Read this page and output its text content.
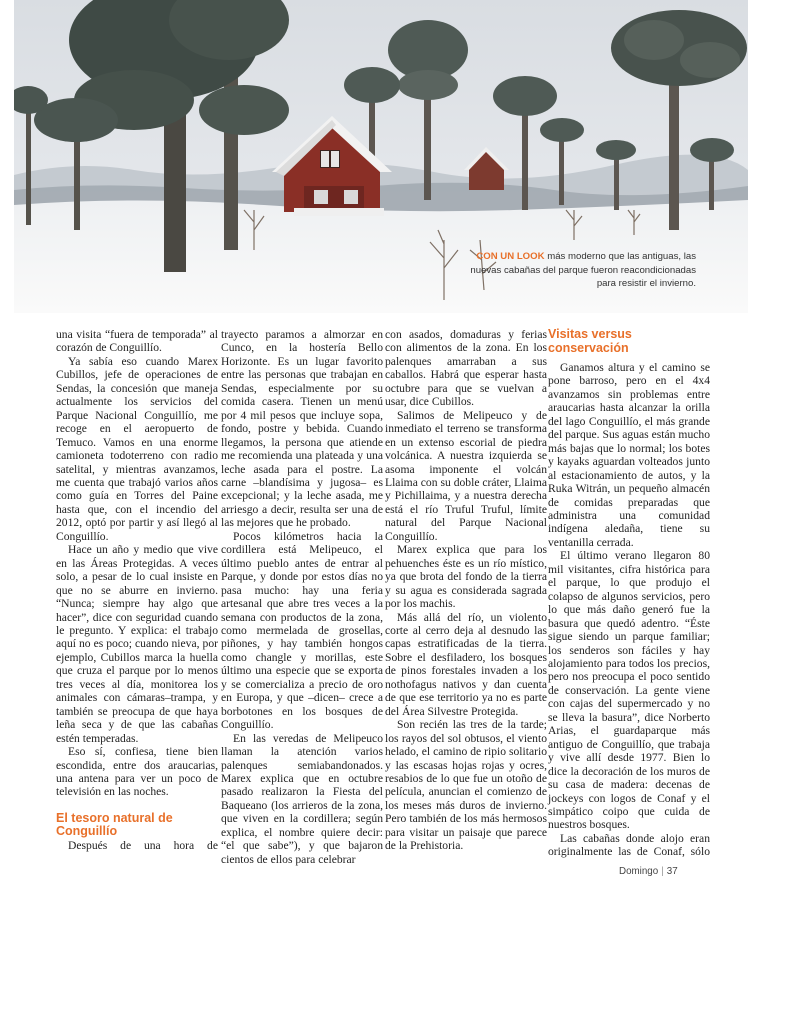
CON UN LOOK más moderno que las antiguas, las nuevas cabañas del parque fueron reacondicionadas para resistir el invierno.

una visita “fuera de temporada” al corazón de Conguillío.

Ya sabía eso cuando Marex Cubillos, jefe de operaciones de Sendas, la concesión que maneja actualmente los servicios del Parque Nacional Conguillío, me recoge en el aeropuerto de Temuco. Vamos en una enorme camioneta todoterreno con radio satelital, y mientras avanzamos, me cuenta que trabajó varios años como guía en Torres del Paine hasta que, con el incendio del 2012, optó por partir y así llegó al Conguillío.

Hace un año y medio que vive en las Áreas Protegidas. A veces solo, a pesar de lo cual insiste en que no se aburre en invierno. “Nunca; siempre hay algo que hacer”, dice con seguridad cuando le pregunto. Y explica: el trabajo aquí no es poco; cuando nieva, por ejemplo, Cubillos marca la huella que cruza el parque por lo menos tres veces al día, monitorea los animales con cámaras–trampa, y también se preocupa de que haya leña seca y de que las cabañas estén temperadas.

Eso sí, confiesa, tiene bien escondida, entre dos araucarias, una antena para ver un poco de televisión en las noches.

El tesoro natural de Conguillío

Después de una hora de

trayecto paramos a almorzar en Cunco, en la hostería Bello Horizonte. Es un lugar favorito entre las personas que trabajan en Sendas, especialmente por su comida casera. Tienen un menú por 4 mil pesos que incluye sopa, fondo, postre y bebida. Cuando llegamos, la persona que atiende me recomienda una plateada y una leche asada para el postre. La carne –blandísima y jugosa– es excepcional; y la leche asada, me arriesgo a decir, resulta ser una de las mejores que he probado.

Pocos kilómetros hacia la cordillera está Melipeuco, el último pueblo antes de entrar al Parque, y donde por estos días no pasa mucho: hay una feria artesanal que abre tres veces a la semana con productos de la zona, como mermelada de grosellas, piñones, y hay también hongos como changle y morillas, este último una especie que se exporta y se comercializa a precio de oro en Europa, y que –dicen– crece a borbotones en los bosques de Conguillío.

En las veredas de Melipeuco llaman la atención varios palenques semiabandonados. Marex explica que en octubre pasado realizaron la Fiesta del Baqueano (los arrieros de la zona, que viven en la cordillera; según explica, el nombre quiere decir: “el que sabe”), y que bajaron cientos de ellos para celebrar

con asados, domaduras y ferias con alimentos de la zona. En los palenques amarraban a sus caballos. Habrá que esperar hasta octubre para que se vuelvan a usar, dice Cubillos.

Salimos de Melipeuco y de inmediato el terreno se transforma en un extenso escorial de piedra volcánica. A nuestra izquierda se asoma imponente el volcán Llaima con su doble cráter, Llaima y Pichillaima, y a nuestra derecha está el río Truful Truful, límite natural del Parque Nacional Conguillío.

Marex explica que para los pehuenches éste es un río místico, ya que brota del fondo de la tierra y su agua es considerada sagrada por los machis.

Más allá del río, un violento corte al cerro deja al desnudo las capas estratificadas de la tierra. Sobre el desfiladero, los bosques de pinos forestales invaden a los nothofagus nativos y dan cuenta de que ese territorio ya no es parte del Área Silvestre Protegida.

Son recién las tres de la tarde; los rayos del sol obtusos, el viento helado, el camino de ripio solitario y las escasas hojas rojas y ocres, resabios de lo que fue un otoño de película, anuncian el comienzo de los meses más duros de invierno. Pero también de los más hermosos para visitar un paisaje que parece de la Prehistoria.

Visitas versus conservación

Ganamos altura y el camino se pone barroso, pero en el 4x4 avanzamos sin problemas entre araucarias hasta alcanzar la orilla del lago Conguillío, el más grande del parque. Sus aguas están mucho más bajas que lo normal; los botes y kayaks aguardan volteados junto al estacionamiento de autos, y la Ruka Witrán, un pequeño almacén de comidas preparadas que administra una comunidad indígena aledaña, tiene su ventanilla cerrada.

El último verano llegaron 80 mil visitantes, cifra histórica para el parque, lo que produjo el colapso de algunos servicios, pero lo que más daño generó fue la basura que quedó adentro. “Éste sigue siendo un parque familiar; los senderos son fáciles y hay alojamiento para todos los precios, pero nos preocupa el poco sentido de conservación. La gente viene con cajas del supermercado y no se lleva la basura”, dice Norberto Arias, el guardaparque más antiguo de Conguillío, que trabaja y vive allí desde 1977. Bien lo dice la decoración de los muros de su casa de madera: decenas de jockeys con logos de Conaf y el simpático coipo que cuida de nuestros bosques.

Las cabañas donde alojo eran originalmente las de Conaf, sólo

Domingo | 37
